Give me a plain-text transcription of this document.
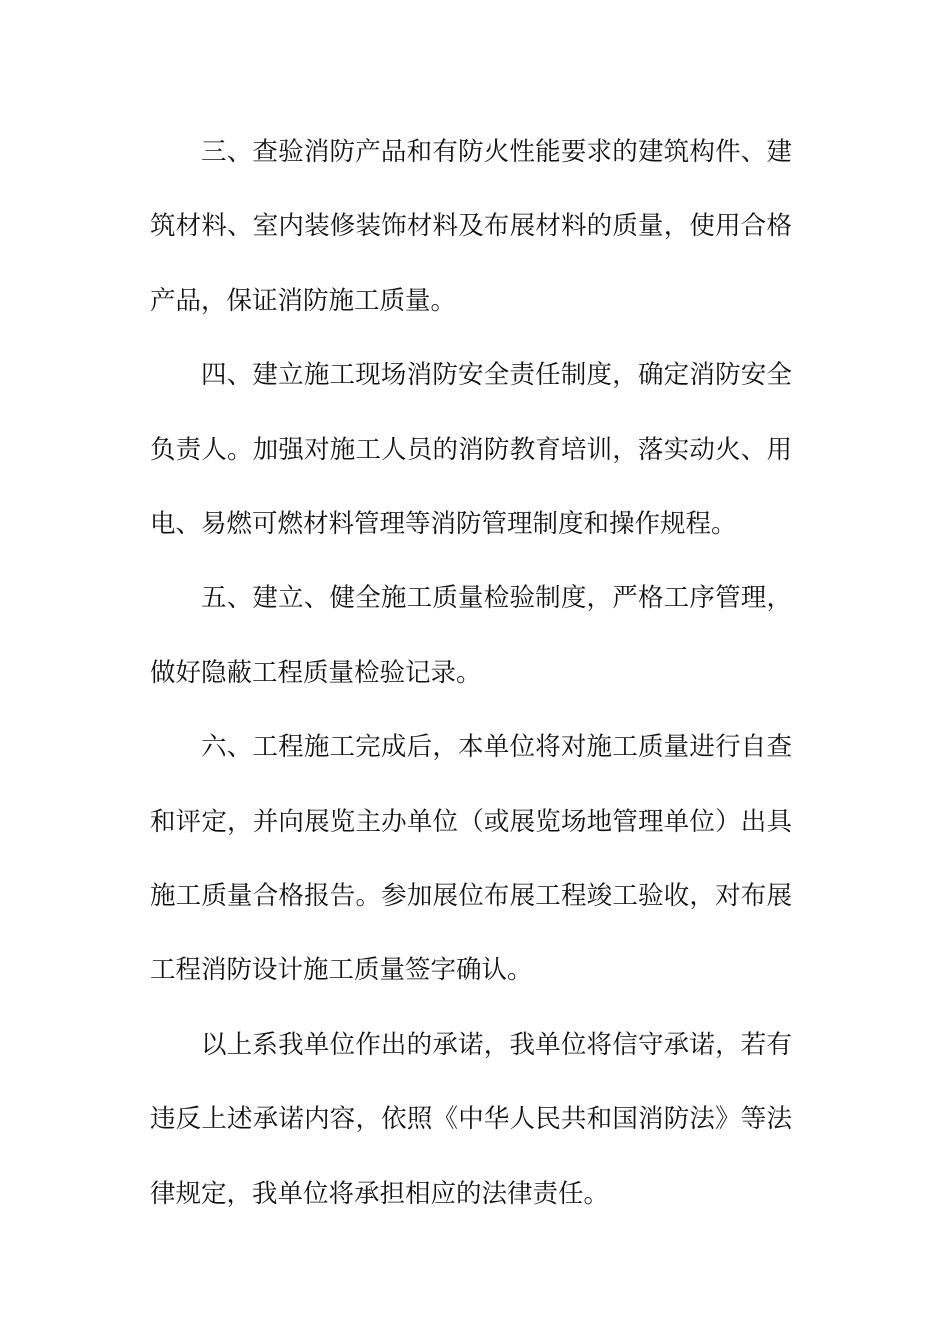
三、查验消防产品和有防火性能要求的建筑构件、建筑材料、室内装修装饰材料及布展材料的质量，使用合格产品，保证消防施工质量。

四、建立施工现场消防安全责任制度，确定消防安全负责人。加强对施工人员的消防教育培训，落实动火、用电、易燃可燃材料管理等消防管理制度和操作规程。

五、建立、健全施工质量检验制度，严格工序管理，做好隐蔽工程质量检验记录。

六、工程施工完成后，本单位将对施工质量进行自查和评定，并向展览主办单位（或展览场地管理单位）出具施工质量合格报告。参加展位布展工程竣工验收，对布展工程消防设计施工质量签字确认。

以上系我单位作出的承诺，我单位将信守承诺，若有违反上述承诺内容，依照《中华人民共和国消防法》等法律规定，我单位将承担相应的法律责任。
